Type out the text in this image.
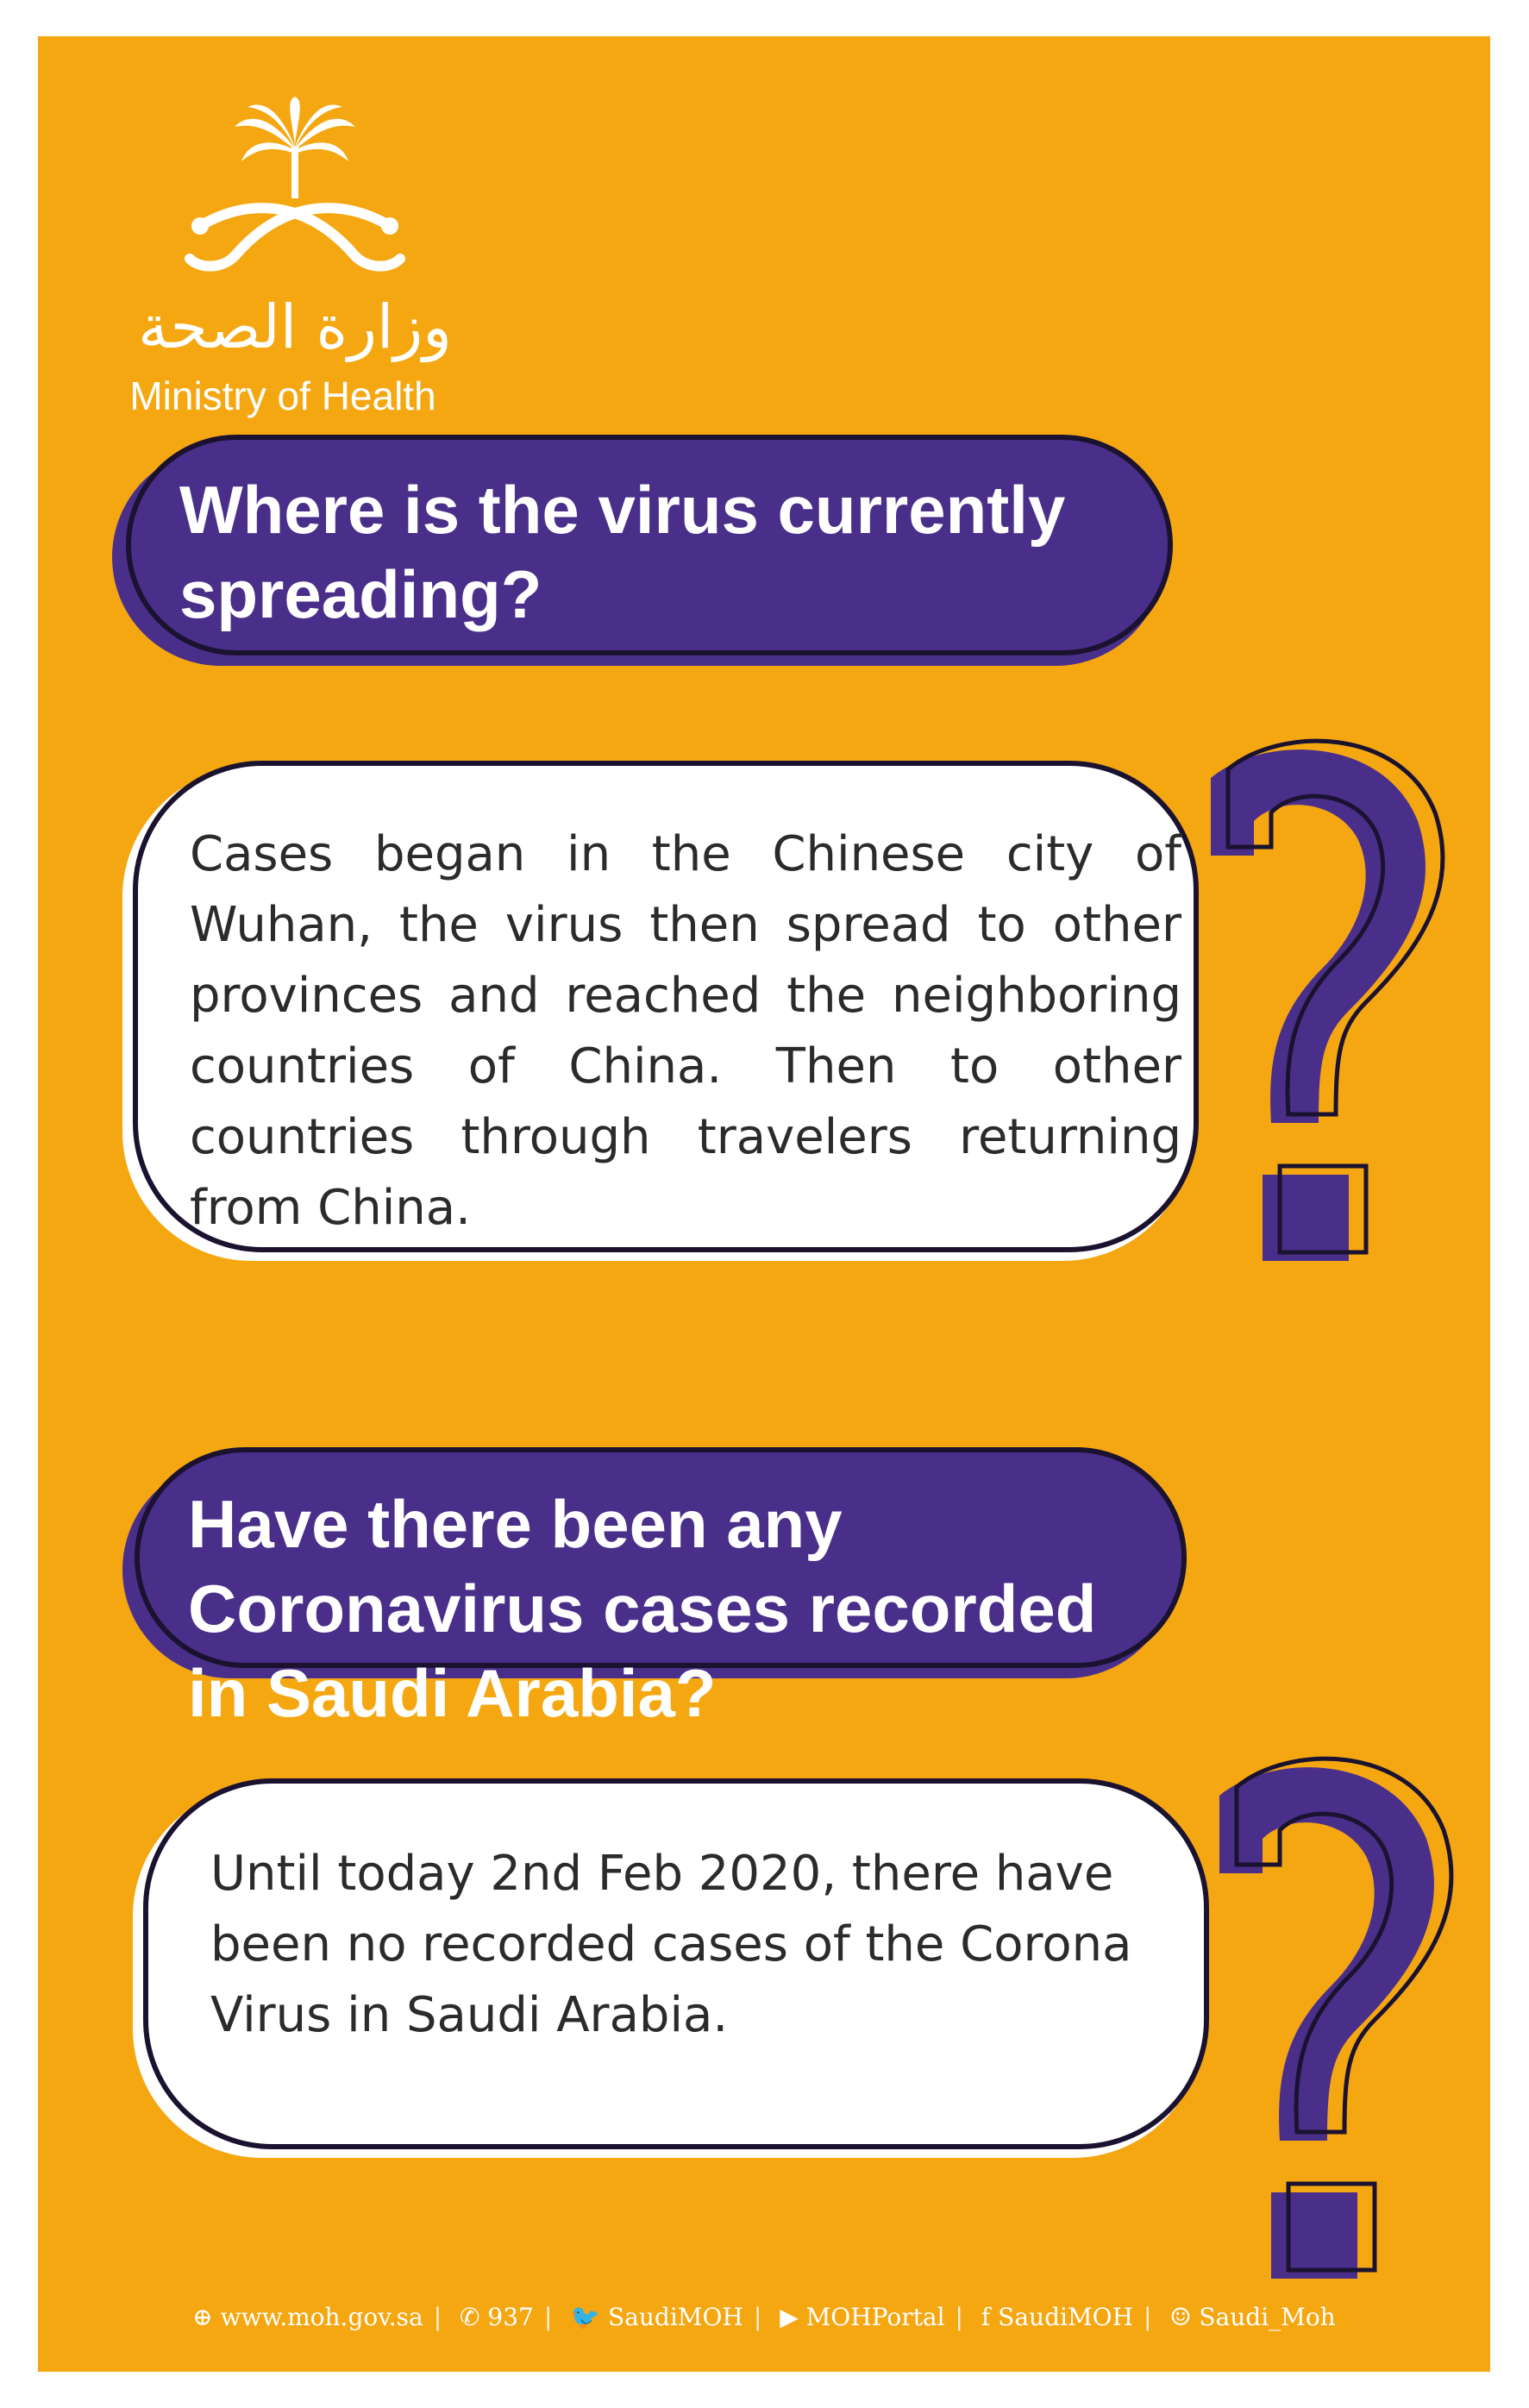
وزارة الصحة
Ministry of Health

Where is the virus currently spreading?

Cases began in the Chinese city of Wuhan, the virus then spread to other provinces and reached the neighboring countries of China. Then to other countries through travelers returning from China.

Have there been any Coronavirus cases recorded in Saudi Arabia?

Until today 2nd Feb 2020, there have been no recorded cases of the Corona Virus in Saudi Arabia.

⊕ www.moh.gov.sa | ✆ 937 | 🐦 SaudiMOH | ▶ MOHPortal | f SaudiMOH | ☺ Saudi_Moh
